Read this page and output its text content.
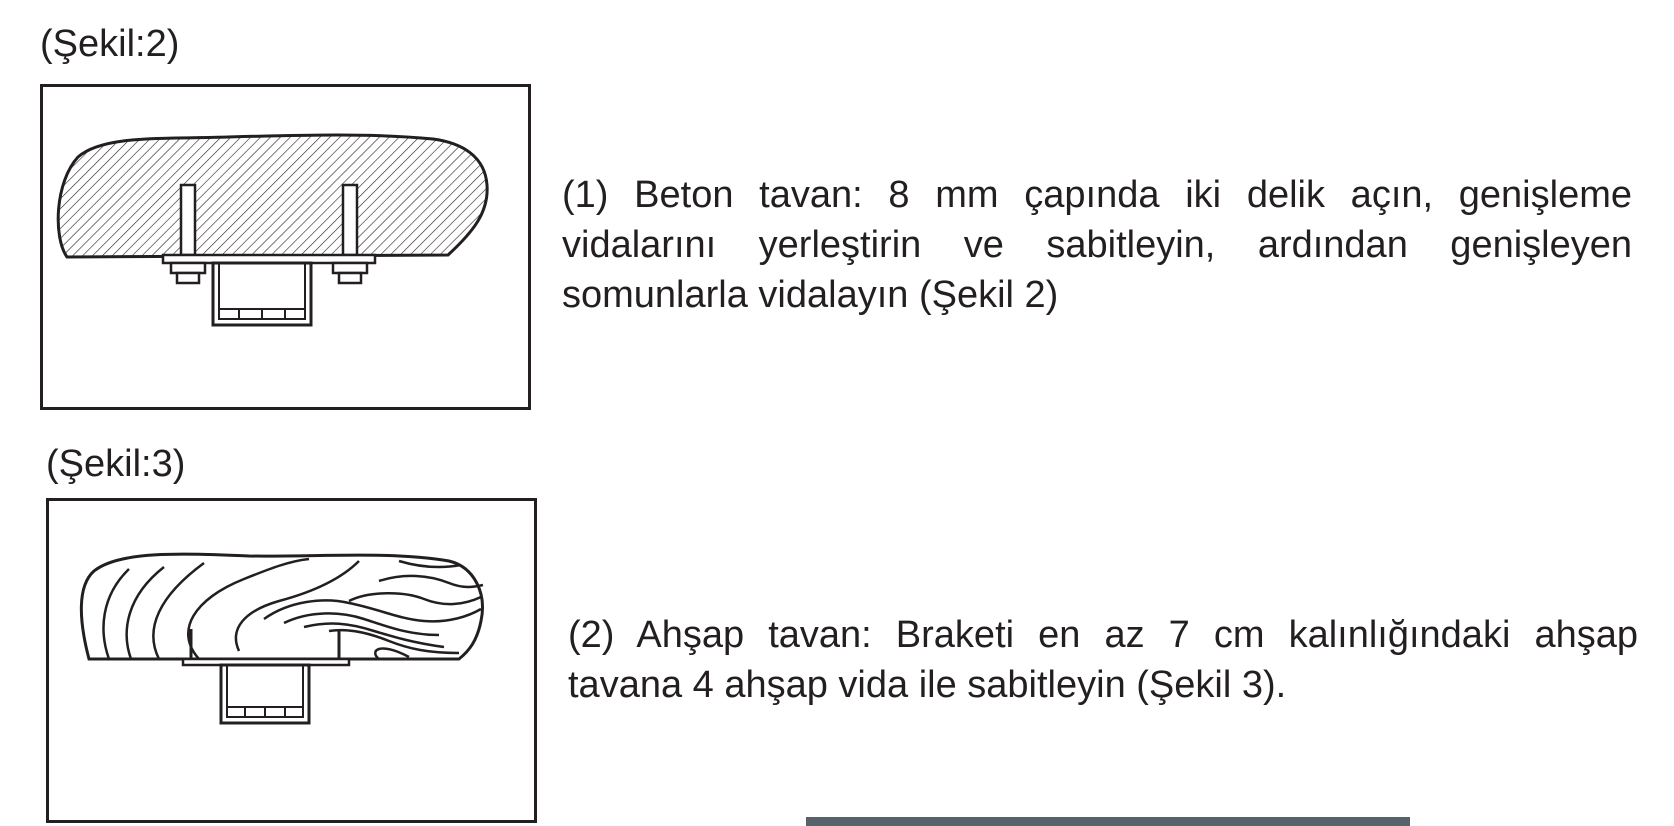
(Şekil:2)
(1) Beton tavan: 8 mm çapında iki delik açın, genişleme vidalarını yerleştirin ve sabitleyin, ardından genişleyen somunlarla vidalayın (Şekil 2)
(Şekil:3)
(2) Ahşap tavan: Braketi en az 7 cm kalınlığındaki ahşap tavana 4 ahşap vida ile sabitleyin (Şekil 3).
